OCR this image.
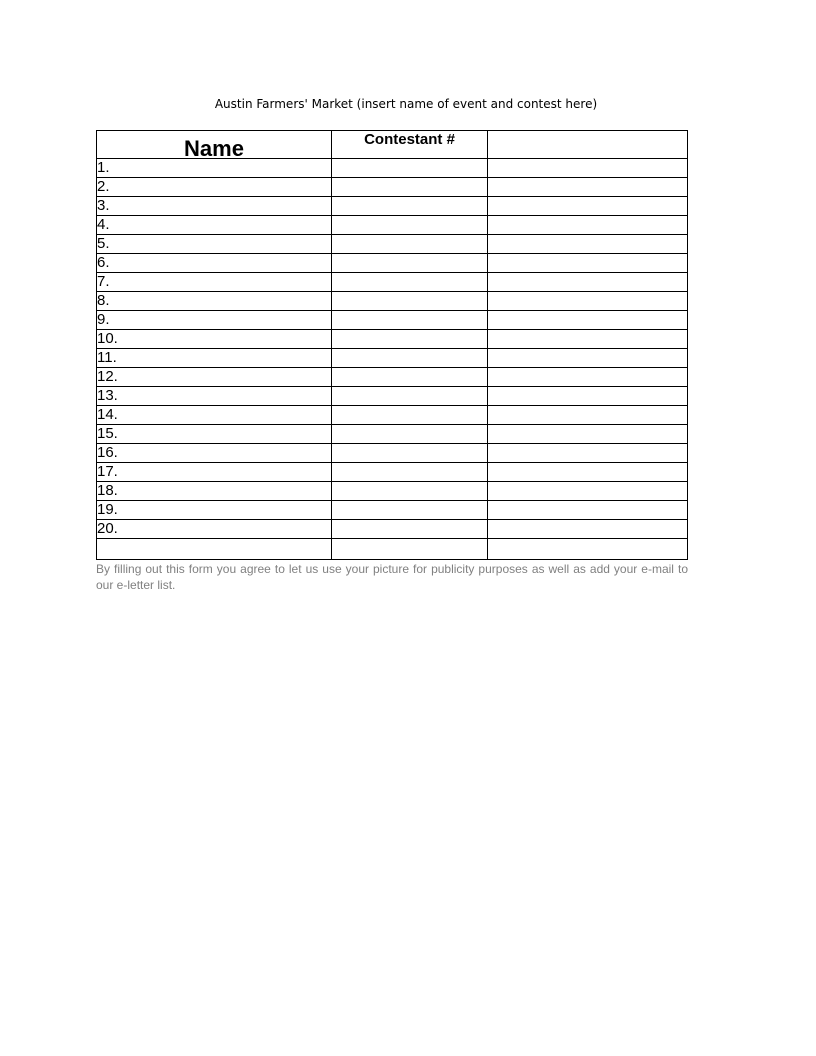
Austin Farmers' Market (insert name of event and contest here)
Name	Contestant #	
1.		
2.		
3.		
4.		
5.		
6.		
7.		
8.		
9.		
10.		
11.		
12.		
13.		
14.		
15.		
16.		
17.		
18.		
19.		
20.		

By filling out this form you agree to let us use your picture for publicity purposes as well as add your e-mail to our e-letter list.
